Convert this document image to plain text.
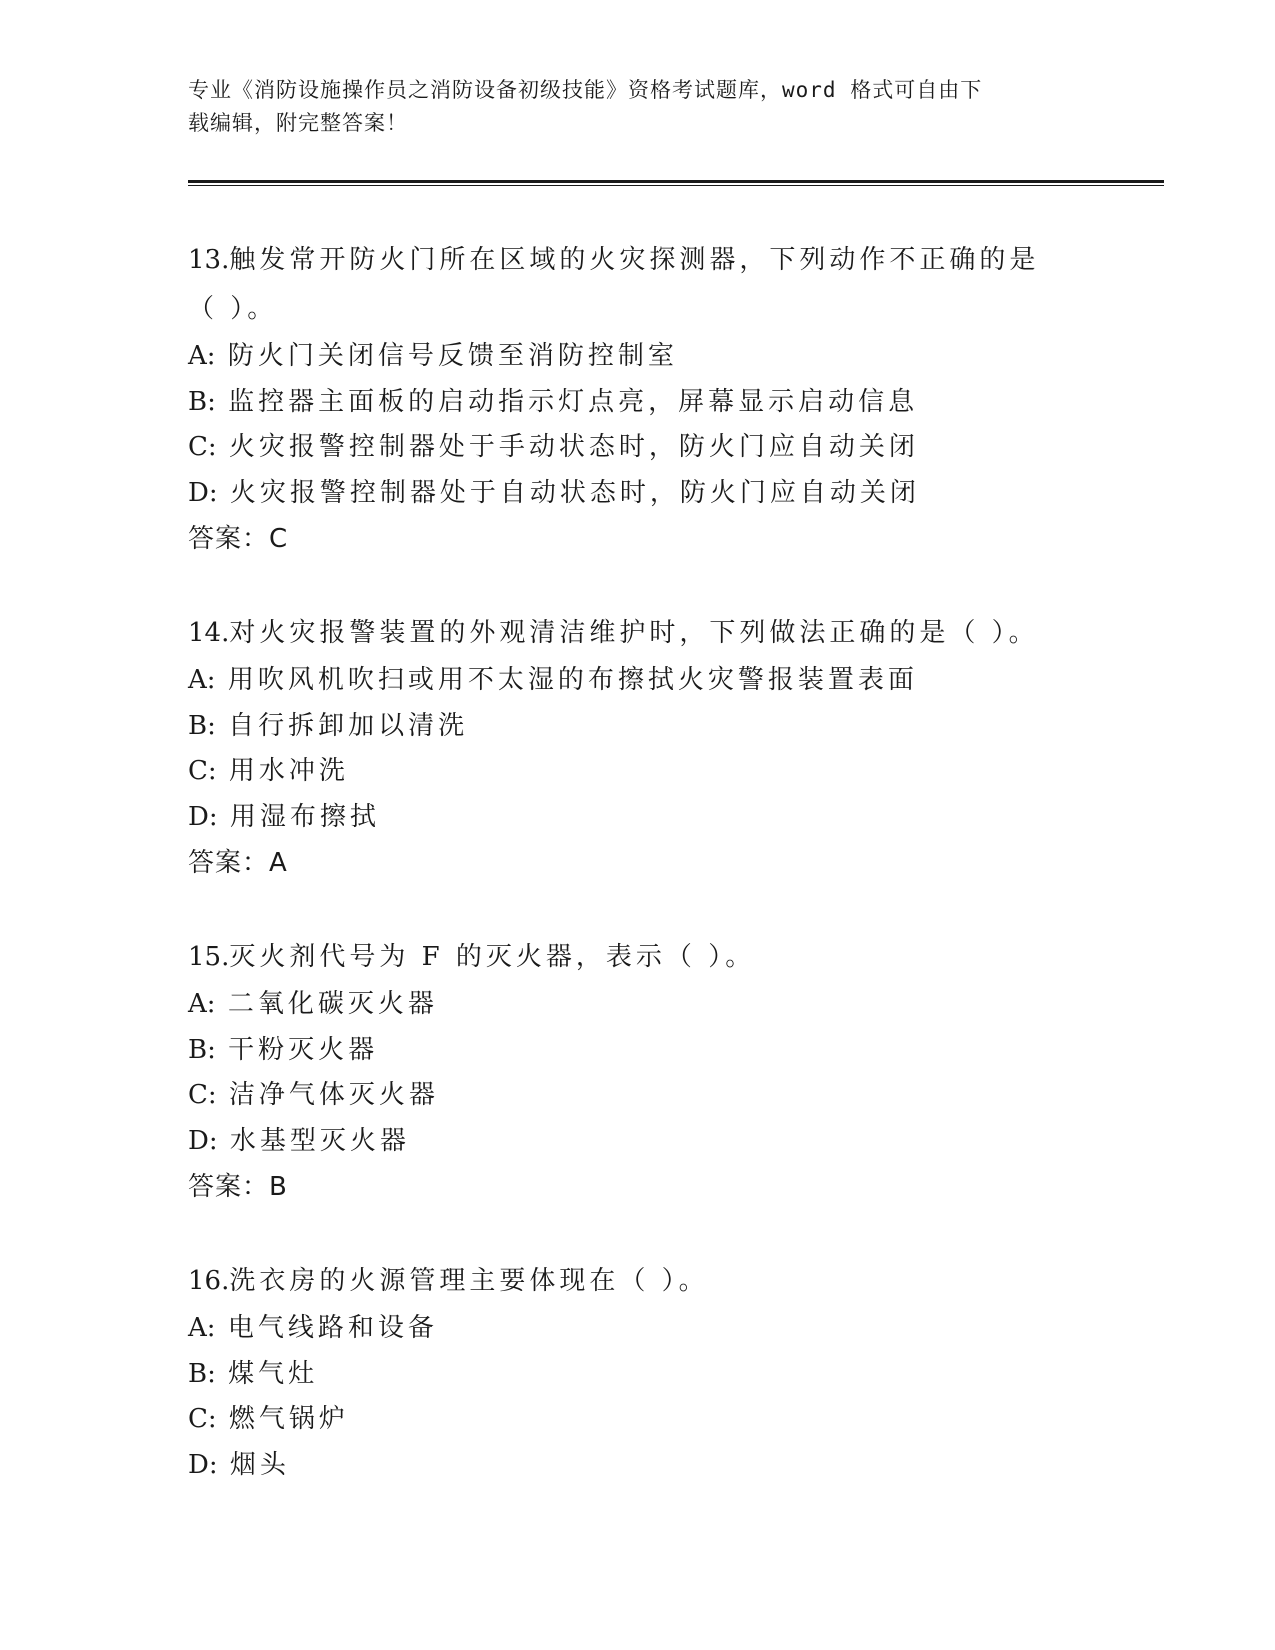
专业《消防设施操作员之消防设备初级技能》资格考试题库，word 格式可自由下
载编辑，附完整答案！

13.触发常开防火门所在区域的火灾探测器，下列动作不正确的是（ ）。

A: 防火门关闭信号反馈至消防控制室
B: 监控器主面板的启动指示灯点亮，屏幕显示启动信息
C: 火灾报警控制器处于手动状态时，防火门应自动关闭
D: 火灾报警控制器处于自动状态时，防火门应自动关闭
答案：C

14.对火灾报警装置的外观清洁维护时，下列做法正确的是（ ）。

A: 用吹风机吹扫或用不太湿的布擦拭火灾警报装置表面
B: 自行拆卸加以清洗
C: 用水冲洗
D: 用湿布擦拭
答案：A

15.灭火剂代号为 F 的灭火器，表示（ ）。

A: 二氧化碳灭火器
B: 干粉灭火器
C: 洁净气体灭火器
D: 水基型灭火器
答案：B

16.洗衣房的火源管理主要体现在（ ）。

A: 电气线路和设备
B: 煤气灶
C: 燃气锅炉
D: 烟头
